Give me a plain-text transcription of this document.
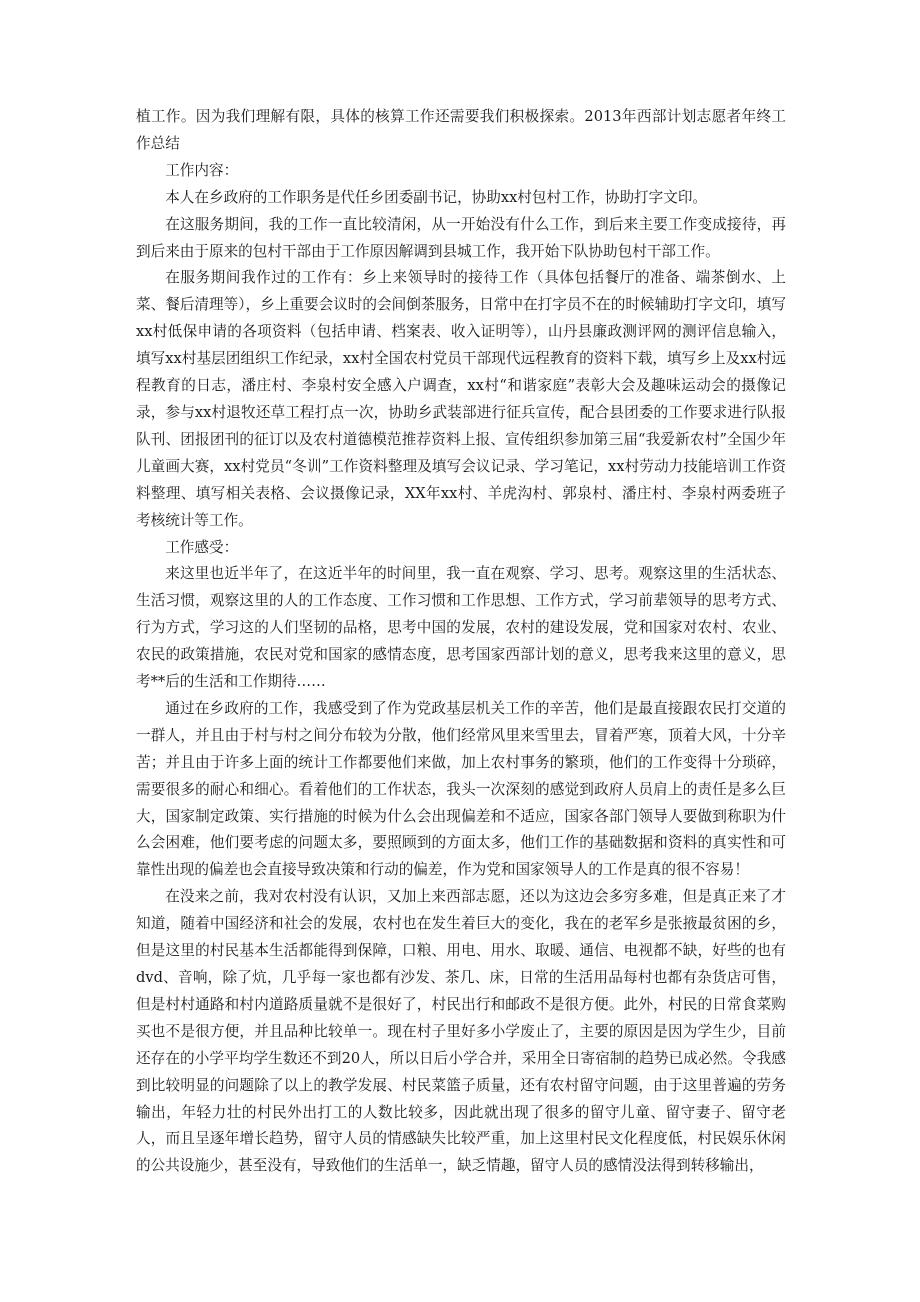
植工作。因为我们理解有限，具体的核算工作还需要我们积极探索。2013年西部计划志愿者年终工作总结

工作内容：

本人在乡政府的工作职务是代任乡团委副书记，协助xx村包村工作，协助打字文印。

在这服务期间，我的工作一直比较清闲，从一开始没有什么工作，到后来主要工作变成接待，再到后来由于原来的包村干部由于工作原因解调到县城工作，我开始下队协助包村干部工作。

在服务期间我作过的工作有：乡上来领导时的接待工作（具体包括餐厅的准备、端茶倒水、上菜、餐后清理等），乡上重要会议时的会间倒茶服务，日常中在打字员不在的时候辅助打字文印，填写xx村低保申请的各项资料（包括申请、档案表、收入证明等），山丹县廉政测评网的测评信息输入，填写xx村基层团组织工作纪录，xx村全国农村党员干部现代远程教育的资料下载，填写乡上及xx村远程教育的日志，潘庄村、李泉村安全感入户调查，xx村“和谐家庭”表彰大会及趣味运动会的摄像记录，参与xx村退牧还草工程打点一次，协助乡武装部进行征兵宣传，配合县团委的工作要求进行队报队刊、团报团刊的征订以及农村道德模范推荐资料上报、宣传组织参加第三届“我爱新农村”全国少年儿童画大赛，xx村党员“冬训”工作资料整理及填写会议记录、学习笔记，xx村劳动力技能培训工作资料整理、填写相关表格、会议摄像记录，XX年xx村、羊虎沟村、郭泉村、潘庄村、李泉村两委班子考核统计等工作。

工作感受：

来这里也近半年了，在这近半年的时间里，我一直在观察、学习、思考。观察这里的生活状态、生活习惯，观察这里的人的工作态度、工作习惯和工作思想、工作方式，学习前辈领导的思考方式、行为方式，学习这的人们坚韧的品格，思考中国的发展，农村的建设发展，党和国家对农村、农业、农民的政策措施，农民对党和国家的感情态度，思考国家西部计划的意义，思考我来这里的意义，思考**后的生活和工作期待……

通过在乡政府的工作，我感受到了作为党政基层机关工作的辛苦，他们是最直接跟农民打交道的一群人，并且由于村与村之间分布较为分散，他们经常风里来雪里去，冒着严寒，顶着大风，十分辛苦；并且由于许多上面的统计工作都要他们来做，加上农村事务的繁琐，他们的工作变得十分琐碎，需要很多的耐心和细心。看着他们的工作状态，我头一次深刻的感觉到政府人员肩上的责任是多么巨大，国家制定政策、实行措施的时候为什么会出现偏差和不适应，国家各部门领导人要做到称职为什么会困难，他们要考虑的问题太多，要照顾到的方面太多，他们工作的基础数据和资料的真实性和可靠性出现的偏差也会直接导致决策和行动的偏差，作为党和国家领导人的工作是真的很不容易！

在没来之前，我对农村没有认识，又加上来西部志愿，还以为这边会多穷多难，但是真正来了才知道，随着中国经济和社会的发展，农村也在发生着巨大的变化，我在的老军乡是张掖最贫困的乡，但是这里的村民基本生活都能得到保障，口粮、用电、用水、取暖、通信、电视都不缺，好些的也有dvd、音响，除了炕，几乎每一家也都有沙发、茶几、床，日常的生活用品每村也都有杂货店可售，但是村村通路和村内道路质量就不是很好了，村民出行和邮政不是很方便。此外，村民的日常食菜购买也不是很方便，并且品种比较单一。现在村子里好多小学废止了，主要的原因是因为学生少，目前还存在的小学平均学生数还不到20人，所以日后小学合并，采用全日寄宿制的趋势已成必然。令我感到比较明显的问题除了以上的教学发展、村民菜篮子质量，还有农村留守问题，由于这里普遍的劳务输出，年轻力壮的村民外出打工的人数比较多，因此就出现了很多的留守儿童、留守妻子、留守老人，而且呈逐年增长趋势，留守人员的情感缺失比较严重，加上这里村民文化程度低，村民娱乐休闲的公共设施少，甚至没有，导致他们的生活单一，缺乏情趣，留守人员的感情没法得到转移输出，
